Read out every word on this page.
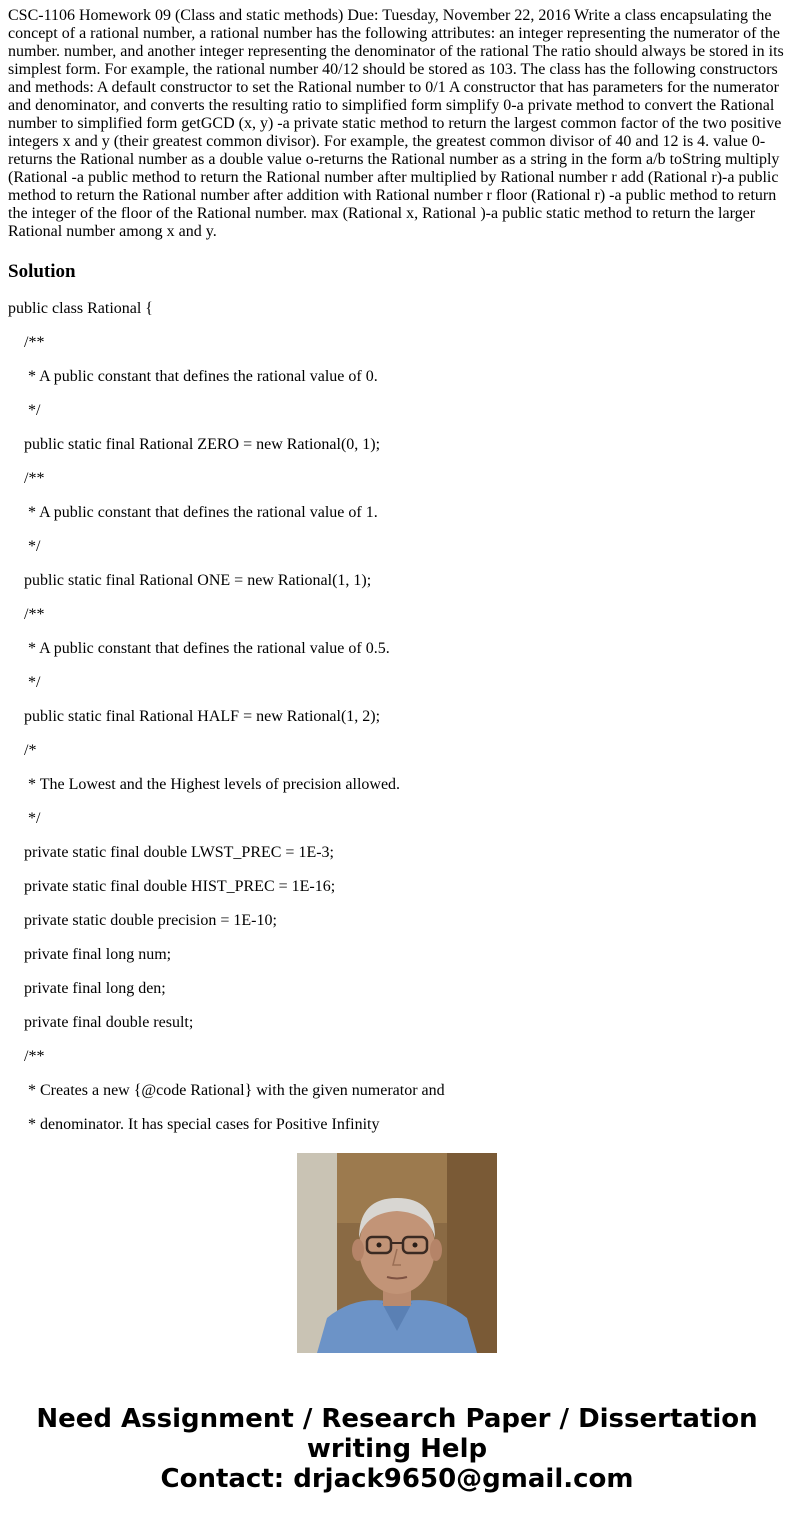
CSC-1106 Homework 09 (Class and static methods) Due: Tuesday, November 22, 2016 Write a class encapsulating the concept of a rational number, a rational number has the following attributes: an integer representing the numerator of the number. number, and another integer representing the denominator of the rational The ratio should always be stored in its simplest form. For example, the rational number 40/12 should be stored as 103. The class has the following constructors and methods: A default constructor to set the Rational number to 0/1 A constructor that has parameters for the numerator and denominator, and converts the resulting ratio to simplified form simplify 0-a private method to convert the Rational number to simplified form getGCD (x, y) -a private static method to return the largest common factor of the two positive integers x and y (their greatest common divisor). For example, the greatest common divisor of 40 and 12 is 4. value 0-returns the Rational number as a double value o-returns the Rational number as a string in the form a/b toString multiply (Rational -a public method to return the Rational number after multiplied by Rational number r add (Rational r)-a public method to return the Rational number after addition with Rational number r floor (Rational r) -a public method to return the integer of the floor of the Rational number. max (Rational x, Rational )-a public static method to return the larger Rational number among x and y.

Solution

public class Rational {

/**

* A public constant that defines the rational value of 0.

*/

public static final Rational ZERO = new Rational(0, 1);

/**

* A public constant that defines the rational value of 1.

*/

public static final Rational ONE = new Rational(1, 1);

/**

* A public constant that defines the rational value of 0.5.

*/

public static final Rational HALF = new Rational(1, 2);

/*

* The Lowest and the Highest levels of precision allowed.

*/

private static final double LWST_PREC = 1E-3;

private static final double HIST_PREC = 1E-16;

private static double precision = 1E-10;

private final long num;

private final long den;

private final double result;

/**

* Creates a new {@code Rational} with the given numerator and

* denominator. It has special cases for Positive Infinity

Need Assignment / Research Paper / Dissertation
writing Help
Contact: drjack9650@gmail.com
